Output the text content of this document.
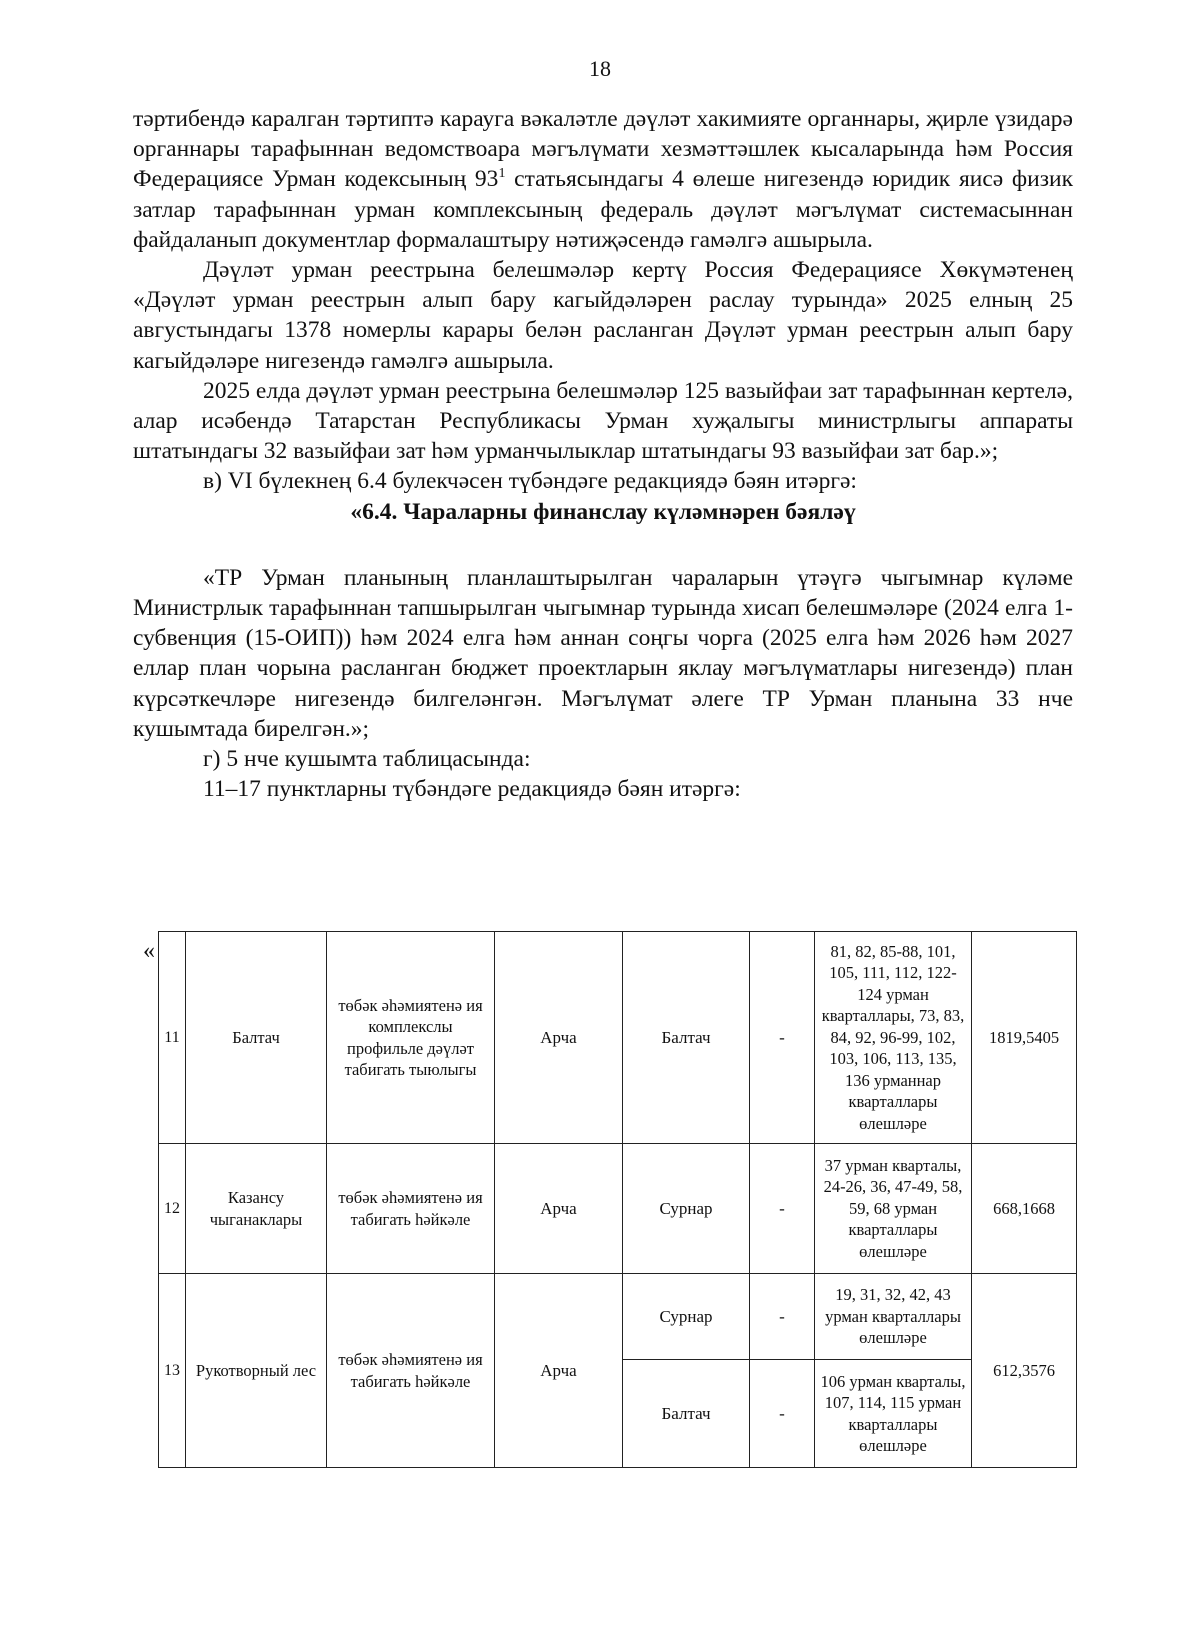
18

тәртибендә каралган тәртиптә карауга вәкаләтле дәүләт хакимияте органнары, җирле үзидарә органнары тарафыннан ведомствоара мәгълүмати хезмәттәшлек кысаларында һәм Россия Федерациясе Урман кодексының $93^1$ статьясындагы 4 өлеше нигезендә юридик яисә физик затлар тарафыннан урман комплексының федераль дәүләт мәгълүмат системасыннан файдаланып документлар формалаштыру нәтиҗәсендә гамәлгә ашырыла.

Дәүләт урман реестрына белешмәләр кертү Россия Федерациясе Хөкүмәтенең «Дәүләт урман реестрын алып бару кагыйдәләрен раслау турында» 2025 елның 25 августындагы 1378 номерлы карары белән расланган Дәүләт урман реестрын алып бару кагыйдәләре нигезендә гамәлгә ашырыла.

2025 елда дәүләт урман реестрына белешмәләр 125 вазыйфаи зат тарафыннан кертелә, алар исәбендә Татарстан Республикасы Урман хуҗалыгы министрлыгы аппараты штатындагы 32 вазыйфаи зат һәм урманчылыклар штатындагы 93 вазыйфаи зат бар.»;

в) VI бүлекнең 6.4 булекчәсен түбәндәге редакциядә бәян итәргә:

«6.4. Чараларны финанслау күләмнәрен бәяләү

«ТР Урман планының планлаштырылган чараларын үтәүгә чыгымнар күләме Министрлык тарафыннан тапшырылган чыгымнар турында хисап белешмәләре (2024 елга 1-субвенция (15-ОИП)) һәм 2024 елга һәм аннан соңгы чорга (2025 елга һәм 2026 һәм 2027 еллар план чорына расланган бюджет проектларын яклау мәгълүматлары нигезендә) план күрсәткечләре нигезендә билгеләнгән. Мәгълүмат әлеге ТР Урман планына 33 нче кушымтада бирелгән.»;

г) 5 нче кушымта таблицасында:

11–17 пунктларны түбәндәге редакциядә бәян итәргә:

«
11	Балтач	төбәк әһәмиятенә ия комплекслы профильле дәүләт табигать тыюлыгы	Арча	Балтач	-	81, 82, 85-88, 101, 105, 111, 112, 122-124 урман кварталлары, 73, 83, 84, 92, 96-99, 102, 103, 106, 113, 135, 136 урманнар кварталлары өлешләре	1819,5405
12	Казансу чыганаклары	төбәк әһәмиятенә ия табигать һәйкәле	Арча	Сурнар	-	37 урман кварталы, 24-26, 36, 47-49, 58, 59, 68 урман кварталлары өлешләре	668,1668
13	Рукотворный лес	төбәк әһәмиятенә ия табигать һәйкәле	Арча	Сурнар	-	19, 31, 32, 42, 43 урман кварталлары өлешләре	612,3576
				Балтач	-	106 урман кварталы, 107, 114, 115 урман кварталлары өлешләре	
